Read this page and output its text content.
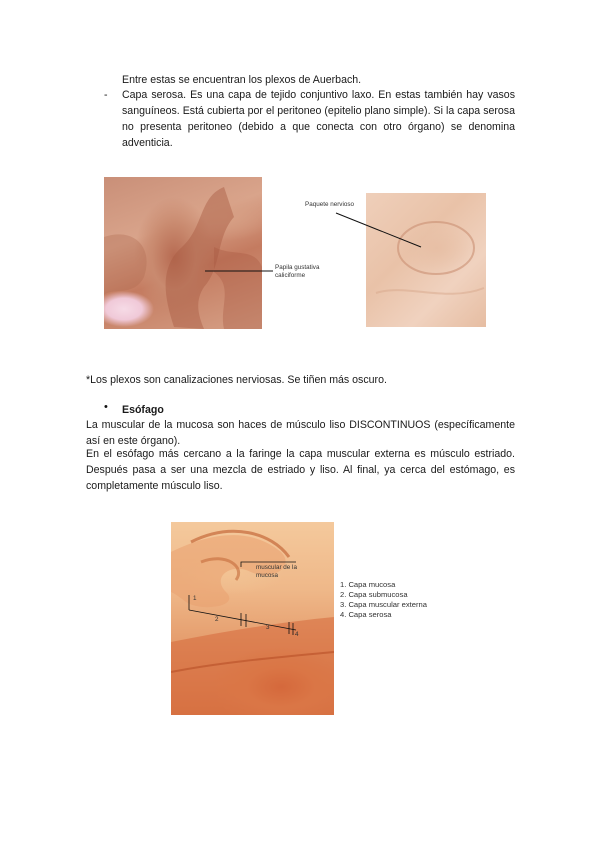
Entre estas se encuentran los plexos de Auerbach.
- Capa serosa. Es una capa de tejido conjuntivo laxo. En estas también hay vasos sanguíneos. Está cubierta por el peritoneo (epitelio plano simple). Si la capa serosa no presenta peritoneo (debido a que conecta con otro órgano) se denomina adventicia.
Papila gustativa caliciforme
Paquete nervioso
*Los plexos son canalizaciones nerviosas. Se tiñen más oscuro.
• Esófago
La muscular de la mucosa son haces de músculo liso DISCONTINUOS (específicamente así en este órgano).
En el esófago más cercano a la faringe la capa muscular externa es músculo estriado. Después pasa a ser una mezcla de estriado y liso. Al final, ya cerca del estómago, es completamente músculo liso.
muscular de la mucosa
1
2
3
4
1. Capa mucosa
2. Capa submucosa
3. Capa muscular externa
4. Capa serosa
